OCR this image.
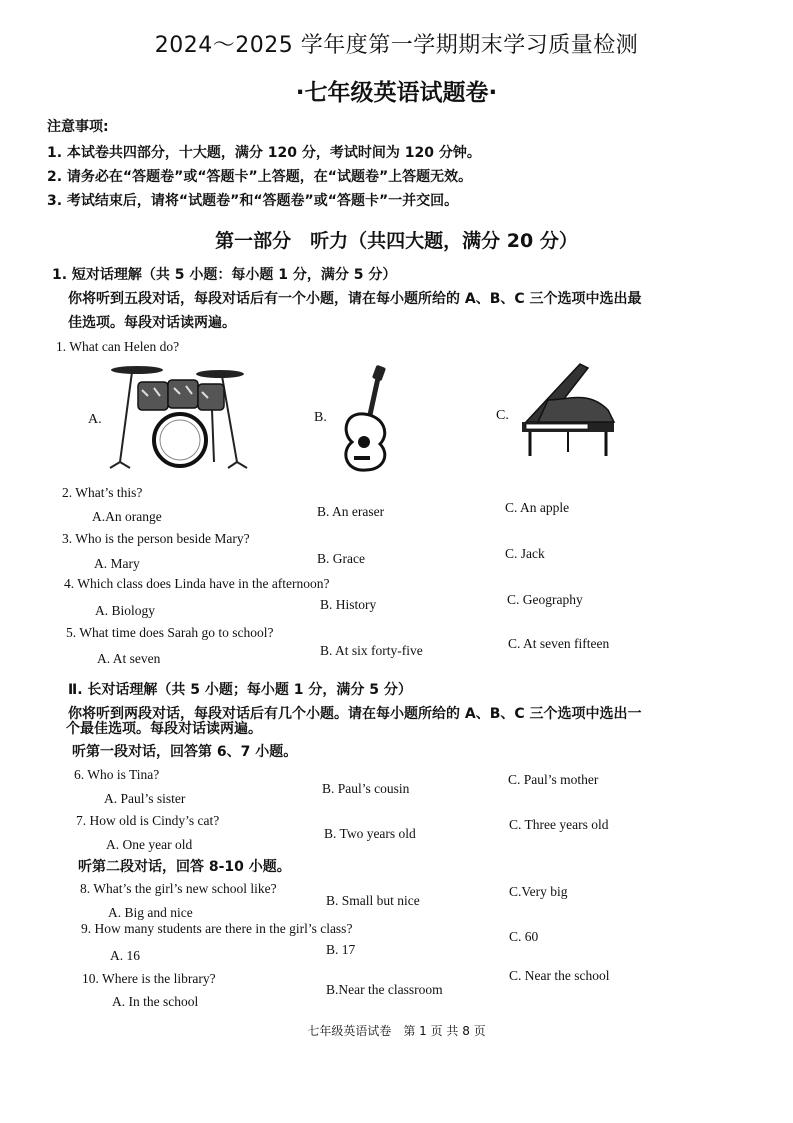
2024～2025 学年度第一学期期末学习质量检测
·七年级英语试题卷·
注意事项:
1. 本试卷共四部分，十大题，满分 120 分，考试时间为 120 分钟。
2. 请务必在“答题卷”或“答题卡”上答题，在“试题卷”上答题无效。
3. 考试结束后，请将“试题卷”和“答题卷”或“答题卡”一并交回。
第一部分　听力（共四大题，满分 20 分）
1. 短对话理解（共 5 小题：每小题 1 分，满分 5 分）
你将听到五段对话，每段对话后有一个小题，请在每小题所给的 A、B、C 三个选项中选出最
佳选项。每段对话读两遍。
1. What can Helen do?
A.	B.	C.
2. What’s this?
A.An orange	B. An eraser	C. An apple
3. Who is the person beside Mary?
A. Mary	B. Grace	C. Jack
4. Which class does Linda have in the afternoon?
A. Biology	B. History	C. Geography
5. What time does Sarah go to school?
A. At seven
B. At six forty-five	C. At seven fifteen
Ⅱ. 长对话理解（共 5 小题；每小题 1 分，满分 5 分）
你将听到两段对话，每段对话后有几个小题。请在每小题所给的 A、B、C 三个选项中选出一
个最佳选项。每段对话读两遍。
听第一段对话，回答第 6、7 小题。
6. Who is Tina?
A. Paul’s sister
B. Paul’s cousin
C. Paul’s mother
7. How old is Cindy’s cat?
A. One year old
B. Two years old
C. Three years old
听第二段对话，回答 8-10 小题。
8. What’s the girl’s new school like?
A. Big and nice
B. Small but nice
C.Very big
9. How many students are there in the girl’s class?
A. 16	B. 17
C. 60
10. Where is the library?
A. In the school
B.Near the classroom
C. Near the school
七年级英语试卷　第 1 页 共 8 页
